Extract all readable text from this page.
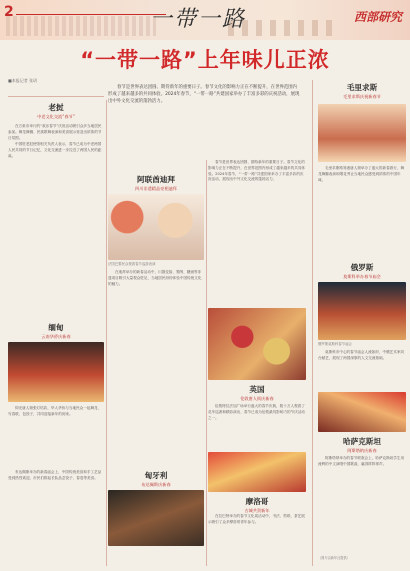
2	一带一路	西部研究
“一带一路”上年味儿正浓
■本报记者 张玥
春节是世界表达团圆、期待新年的重要日子。春节文化的影响力正在不断提升，在世界范围内形成了越来越多的共同体验。2024年春节，“一带一路”共建国家举办了丰富多彩的庆祝活动，展现出中外文化交流的蓬勃活力。
毛里求斯
毛里求斯庆祝新春节

毛里求斯路易港唐人街举办了盛大的新春游行，舞龙舞狮表演和烟花秀让当地民众感受到浓浓的中国年味。

老挝
中老文化交流“春节”

在万象市举行的“欢乐春节”庆祝活动吸引众多当地居民参加。舞龙舞狮、民族歌舞表演和美食展示营造出浓浓的节日氛围。

中国驻老挝使馆相关负责人表示，春节已成为中老两国人民共同的节日记忆，文化交流进一步拉近了两国人民的距离。

阿联酋迪拜
四川非遗精品亮相迪拜
法国巴黎民众观看春节巡游表演

在迪拜举办的新春活动中，川剧变脸、蜀绣、糖画等非遗项目吸引大量观众驻足，当地居民纷纷体验中国传统文化的魅力。

春节是世界表达团圆、期待新年的重要日子。春节文化的影响力正在不断提升，在世界范围内形成了越来越多的共同体验。2024年春节，“一带一路”共建国家举办了丰富多彩的庆祝活动，展现出中外文化交流的蓬勃活力。

缅甸
云南华侨庆新春

仰光唐人街张灯结彩，华人华侨与当地民众一起舞龙、写春联、包饺子，共同迎接新年的到来。

匈牙利
布达佩斯庆新春

布达佩斯举办的新春庙会上，中国传统美食和手工艺品受到热烈欢迎，市民们排起长队品尝饺子、春卷等美食。

英国
伦敦唐人街庆新春

伦敦特拉法加广场举行盛大的春节庆典，数十万人观看了花车巡游和精彩演出，春节已成为伦敦最具影响力的节庆活动之一。

摩洛哥
古城共贺新年

在拉巴特举办的春节文化周活动中，书法、剪纸、茶艺展示吸引了众多摩洛哥青年参与。

俄罗斯
莫斯科举办春节庙会
俄罗斯莫斯科春节庙会

莫斯科市中心的春节庙会人流如织，中俄艺术家同台献艺，展现了两国深厚的人文交流基础。

哈萨克斯坦
阿斯塔纳庆新春

阿斯塔纳举办的春节联欢会上，哈萨克斯坦学生用流利的中文演唱中国歌曲，赢得阵阵掌声。

（图片由新华社提供）
